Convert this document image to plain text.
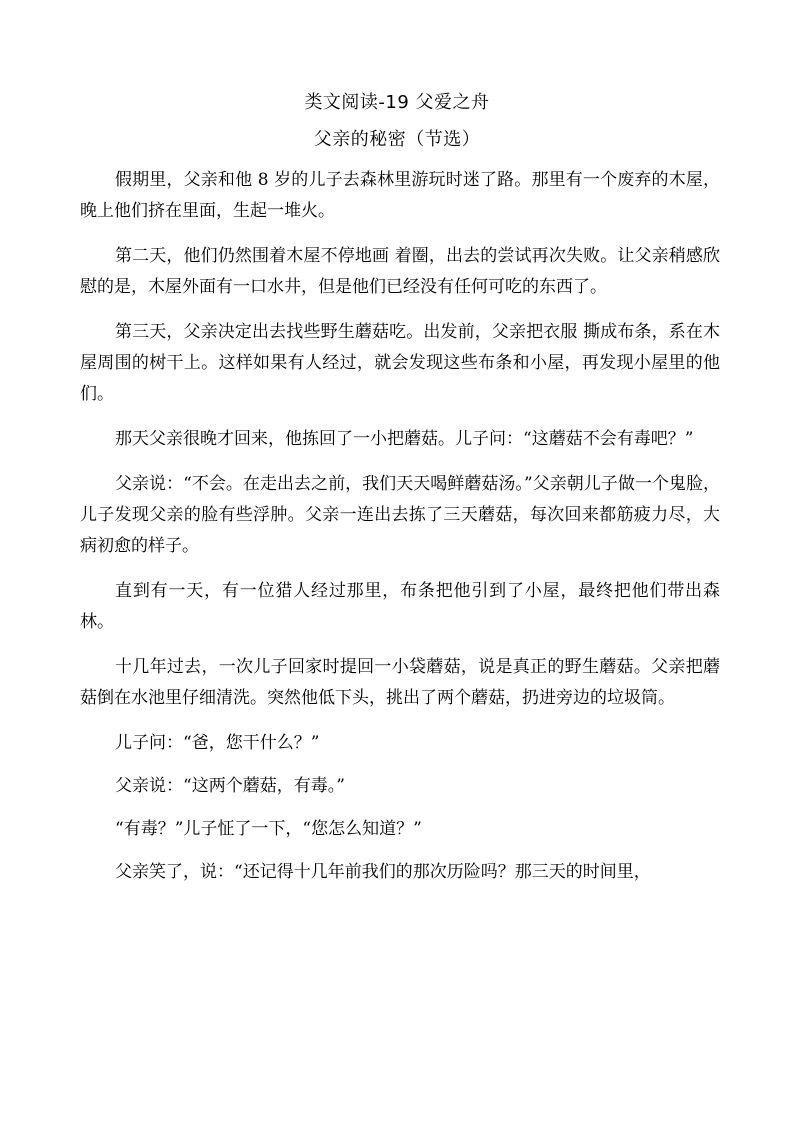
类文阅读-19 父爱之舟
父亲的秘密（节选）

假期里，父亲和他 8 岁的儿子去森林里游玩时迷了路。那里有一个废弃的木屋，晚上他们挤在里面，生起一堆火。

第二天，他们仍然围着木屋不停地画 着圈，出去的尝试再次失败。让父亲稍感欣慰的是，木屋外面有一口水井，但是他们已经没有任何可吃的东西了。

第三天，父亲决定出去找些野生蘑菇吃。出发前，父亲把衣服 撕成布条，系在木屋周围的树干上。这样如果有人经过，就会发现这些布条和小屋，再发现小屋里的他们。

那天父亲很晚才回来，他拣回了一小把蘑菇。儿子问：“这蘑菇不会有毒吧？”

父亲说：“不会。在走出去之前，我们天天喝鲜蘑菇汤。”父亲朝儿子做一个鬼脸，儿子发现父亲的脸有些浮肿。父亲一连出去拣了三天蘑菇，每次回来都筋疲力尽，大病初愈的样子。

直到有一天，有一位猎人经过那里，布条把他引到了小屋，最终把他们带出森林。

十几年过去，一次儿子回家时提回一小袋蘑菇，说是真正的野生蘑菇。父亲把蘑菇倒在水池里仔细清洗。突然他低下头，挑出了两个蘑菇，扔进旁边的垃圾筒。

儿子问：“爸，您干什么？”

父亲说：“这两个蘑菇，有毒。”

“有毒？”儿子怔了一下，“您怎么知道？”

父亲笑了，说：“还记得十几年前我们的那次历险吗？那三天的时间里，
